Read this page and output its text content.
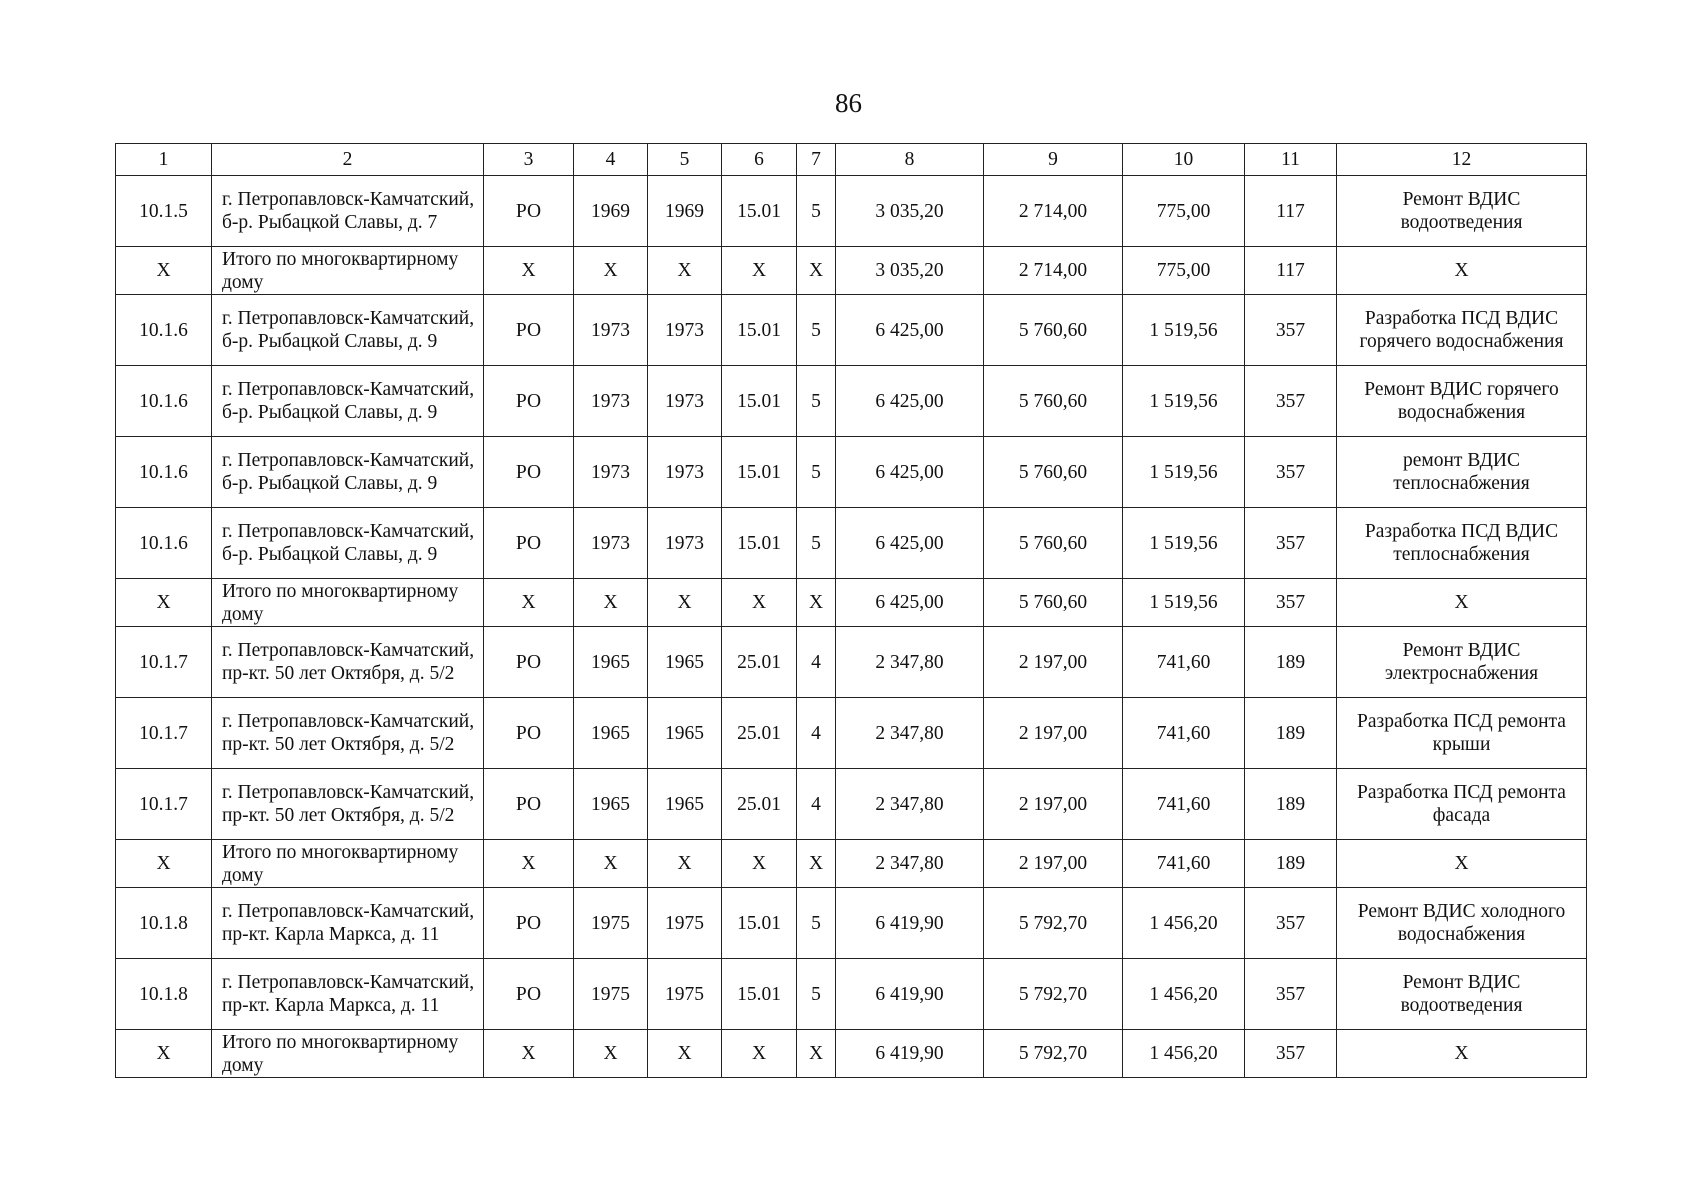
86
1	2	3	4	5	6	7	8	9	10	11	12
10.1.5	г. Петропавловск-Камчатский, б-р. Рыбацкой Славы, д. 7	РО	1969	1969	15.01	5	3 035,20	2 714,00	775,00	117	Ремонт ВДИС водоотведения
X	Итого по многоквартирному дому	X	X	X	X	X	3 035,20	2 714,00	775,00	117	X
10.1.6	г. Петропавловск-Камчатский, б-р. Рыбацкой Славы, д. 9	РО	1973	1973	15.01	5	6 425,00	5 760,60	1 519,56	357	Разработка ПСД ВДИС горячего водоснабжения
10.1.6	г. Петропавловск-Камчатский, б-р. Рыбацкой Славы, д. 9	РО	1973	1973	15.01	5	6 425,00	5 760,60	1 519,56	357	Ремонт ВДИС горячего водоснабжения
10.1.6	г. Петропавловск-Камчатский, б-р. Рыбацкой Славы, д. 9	РО	1973	1973	15.01	5	6 425,00	5 760,60	1 519,56	357	ремонт ВДИС теплоснабжения
10.1.6	г. Петропавловск-Камчатский, б-р. Рыбацкой Славы, д. 9	РО	1973	1973	15.01	5	6 425,00	5 760,60	1 519,56	357	Разработка ПСД ВДИС теплоснабжения
X	Итого по многоквартирному дому	X	X	X	X	X	6 425,00	5 760,60	1 519,56	357	X
10.1.7	г. Петропавловск-Камчатский, пр-кт. 50 лет Октября, д. 5/2	РО	1965	1965	25.01	4	2 347,80	2 197,00	741,60	189	Ремонт ВДИС электроснабжения
10.1.7	г. Петропавловск-Камчатский, пр-кт. 50 лет Октября, д. 5/2	РО	1965	1965	25.01	4	2 347,80	2 197,00	741,60	189	Разработка ПСД ремонта крыши
10.1.7	г. Петропавловск-Камчатский, пр-кт. 50 лет Октября, д. 5/2	РО	1965	1965	25.01	4	2 347,80	2 197,00	741,60	189	Разработка ПСД ремонта фасада
X	Итого по многоквартирному дому	X	X	X	X	X	2 347,80	2 197,00	741,60	189	X
10.1.8	г. Петропавловск-Камчатский, пр-кт. Карла Маркса, д. 11	РО	1975	1975	15.01	5	6 419,90	5 792,70	1 456,20	357	Ремонт ВДИС холодного водоснабжения
10.1.8	г. Петропавловск-Камчатский, пр-кт. Карла Маркса, д. 11	РО	1975	1975	15.01	5	6 419,90	5 792,70	1 456,20	357	Ремонт ВДИС водоотведения
X	Итого по многоквартирному дому	X	X	X	X	X	6 419,90	5 792,70	1 456,20	357	X
